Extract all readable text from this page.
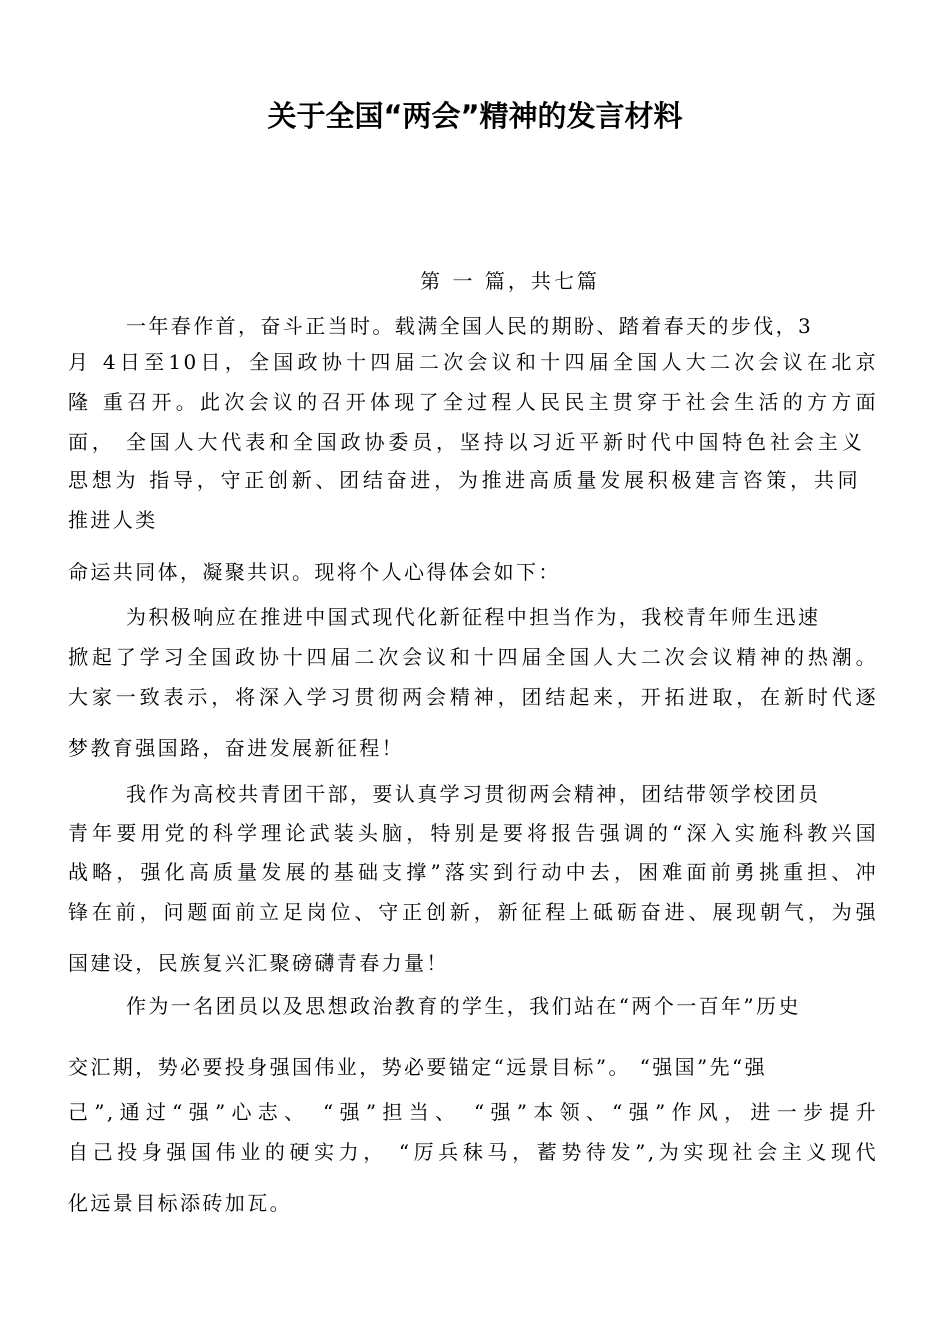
关于全国“两会”精神的发言材料
第 一 篇，共七篇
一年春作首，奋斗正当时。载满全国人民的期盼、踏着春天的步伐，3
月 4日至10日，全国政协十四届二次会议和十四届全国人大二次会议在北京
隆 重召开。此次会议的召开体现了全过程人民民主贯穿于社会生活的方方面
面， 全国人大代表和全国政协委员，坚持以习近平新时代中国特色社会主义
思想为 指导，守正创新、团结奋进，为推进高质量发展积极建言咨策，共同
推进人类
命运共同体，凝聚共识。现将个人心得体会如下：
为积极响应在推进中国式现代化新征程中担当作为，我校青年师生迅速
掀起了学习全国政协十四届二次会议和十四届全国人大二次会议精神的热潮。
大家一致表示，将深入学习贯彻两会精神，团结起来，开拓进取，在新时代逐
梦教育强国路，奋进发展新征程！
我作为高校共青团干部，要认真学习贯彻两会精神，团结带领学校团员
青年要用党的科学理论武装头脑，特别是要将报告强调的“深入实施科教兴国
战略，强化高质量发展的基础支撑”落实到行动中去，困难面前勇挑重担、冲
锋在前，问题面前立足岗位、守正创新，新征程上砥砺奋进、展现朝气，为强
国建设，民族复兴汇聚磅礴青春力量！
作为一名团员以及思想政治教育的学生，我们站在“两个一百年”历史
交汇期，势必要投身强国伟业，势必要锚定“远景目标”。 “强国”先“强
己”,通过“强”心志、 “强”担当、 “强”本领、“强”作风，进一步提升
自己投身强国伟业的硬实力， “厉兵秣马，蓄势待发”,为实现社会主义现代
化远景目标添砖加瓦。
